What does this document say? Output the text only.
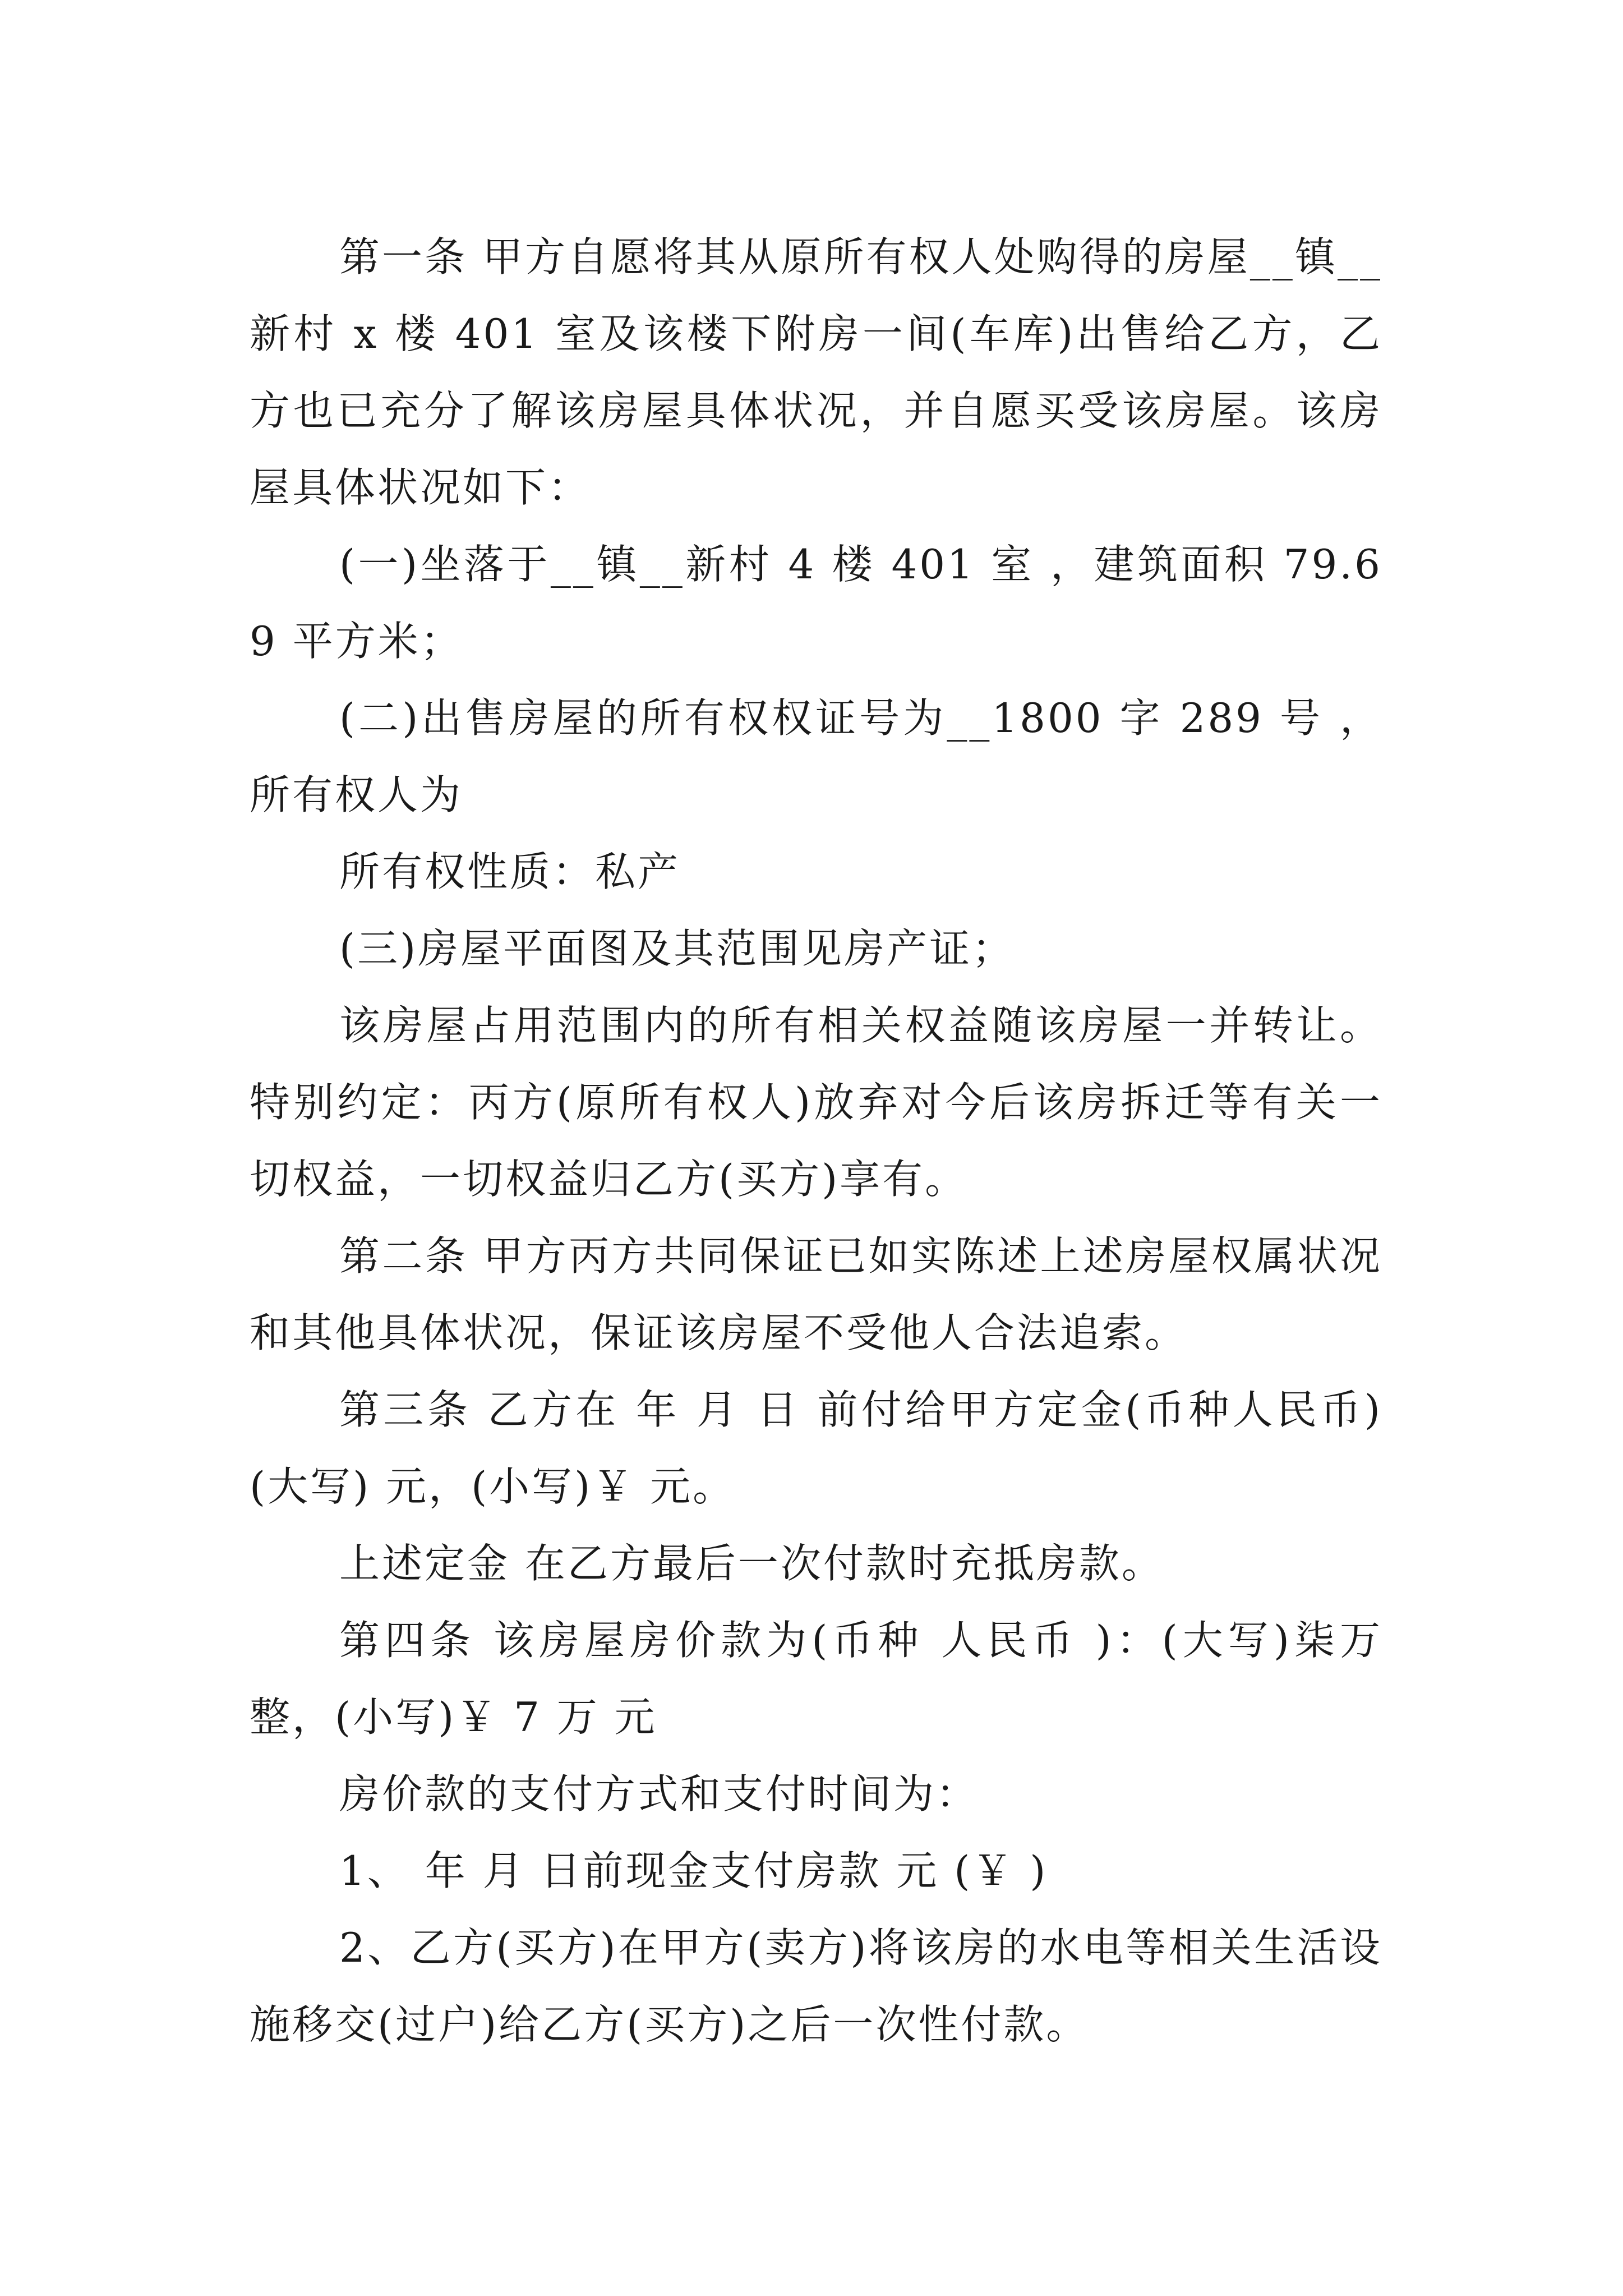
第一条 甲方自愿将其从原所有权人处购得的房屋__镇__新村 x 楼 401 室及该楼下附房一间(车库)出售给乙方，乙方也已充分了解该房屋具体状况，并自愿买受该房屋。该房屋具体状况如下：

(一)坐落于__镇__新村 4 楼 401 室 ，建筑面积 79.69 平方米；

(二)出售房屋的所有权权证号为__1800 字 289 号 ，所有权人为

所有权性质：私产

(三)房屋平面图及其范围见房产证；

该房屋占用范围内的所有相关权益随该房屋一并转让。特别约定：丙方(原所有权人)放弃对今后该房拆迁等有关一切权益，一切权益归乙方(买方)享有。

第二条 甲方丙方共同保证已如实陈述上述房屋权属状况和其他具体状况，保证该房屋不受他人合法追索。

第三条 乙方在 年 月 日 前付给甲方定金(币种人民币)(大写) 元，(小写)￥ 元。

上述定金 在乙方最后一次付款时充抵房款。

第四条 该房屋房价款为(币种 人民币 )：(大写)柒万整，(小写)￥ 7 万 元

房价款的支付方式和支付时间为：

1、 年 月 日前现金支付房款 元 (￥ )

2、乙方(买方)在甲方(卖方)将该房的水电等相关生活设施移交(过户)给乙方(买方)之后一次性付款。
